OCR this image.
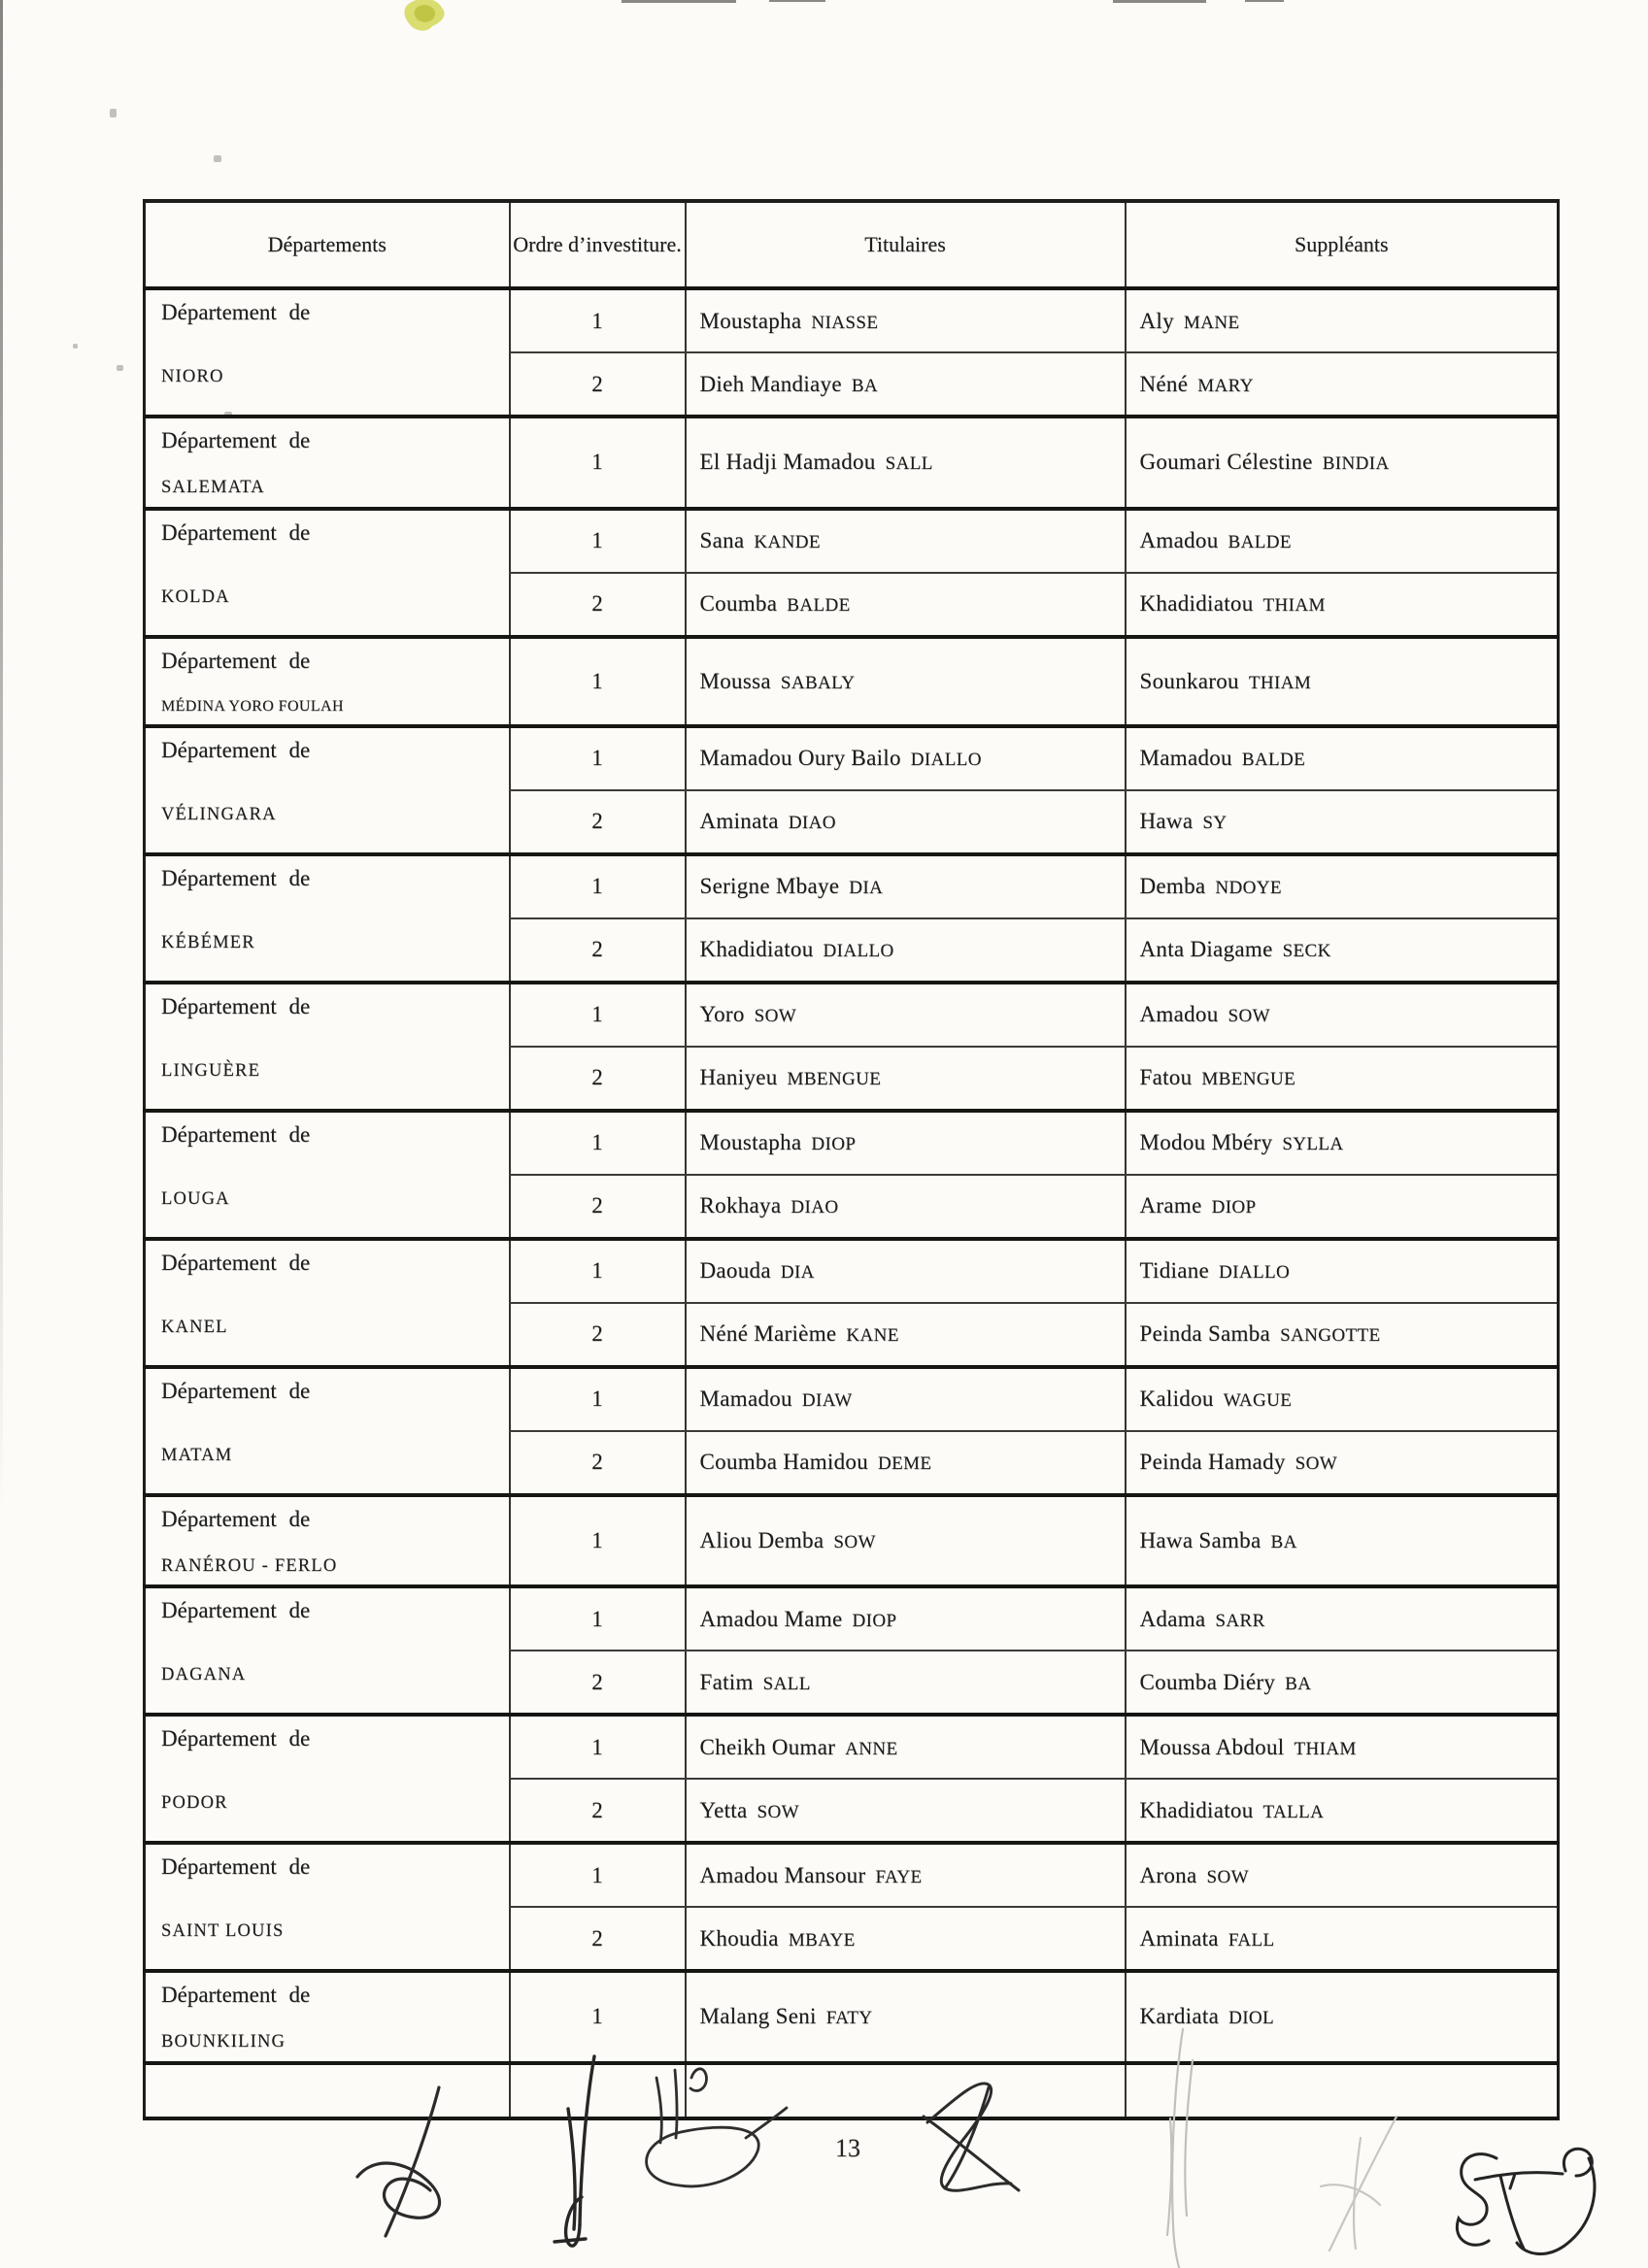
Départements	Ordre d’investiture.	Titulaires	Suppléants

Département de
NIORO	1	Moustapha NIASSE	Aly MANE
	2	Dieh Mandiaye BA	Néné MARY

Département de
SALEMATA	1	El Hadji Mamadou SALL	Goumari Célestine BINDIA

Département de
KOLDA	1	Sana KANDE	Amadou BALDE
	2	Coumba BALDE	Khadidiatou THIAM

Département de
MÉDINA YORO FOULAH	1	Moussa SABALY	Sounkarou THIAM

Département de
VÉLINGARA	1	Mamadou Oury Bailo DIALLO	Mamadou BALDE
	2	Aminata DIAO	Hawa SY

Département de
KÉBÉMER	1	Serigne Mbaye DIA	Demba NDOYE
	2	Khadidiatou DIALLO	Anta Diagame SECK

Département de
LINGUÈRE	1	Yoro SOW	Amadou SOW
	2	Haniyeu MBENGUE	Fatou MBENGUE

Département de
LOUGA	1	Moustapha DIOP	Modou Mbéry SYLLA
	2	Rokhaya DIAO	Arame DIOP

Département de
KANEL	1	Daouda DIA	Tidiane DIALLO
	2	Néné Marième KANE	Peinda Samba SANGOTTE

Département de
MATAM	1	Mamadou DIAW	Kalidou WAGUE
	2	Coumba Hamidou DEME	Peinda Hamady SOW

Département de
RANÉROU - FERLO	1	Aliou Demba SOW	Hawa Samba BA

Département de
DAGANA	1	Amadou Mame DIOP	Adama SARR
	2	Fatim SALL	Coumba Diéry BA

Département de
PODOR	1	Cheikh Oumar ANNE	Moussa Abdoul THIAM
	2	Yetta SOW	Khadidiatou TALLA

Département de
SAINT LOUIS	1	Amadou Mansour FAYE	Arona SOW
	2	Khoudia MBAYE	Aminata FALL

Département de
BOUNKILING	1	Malang Seni FATY	Kardiata DIOL

13
